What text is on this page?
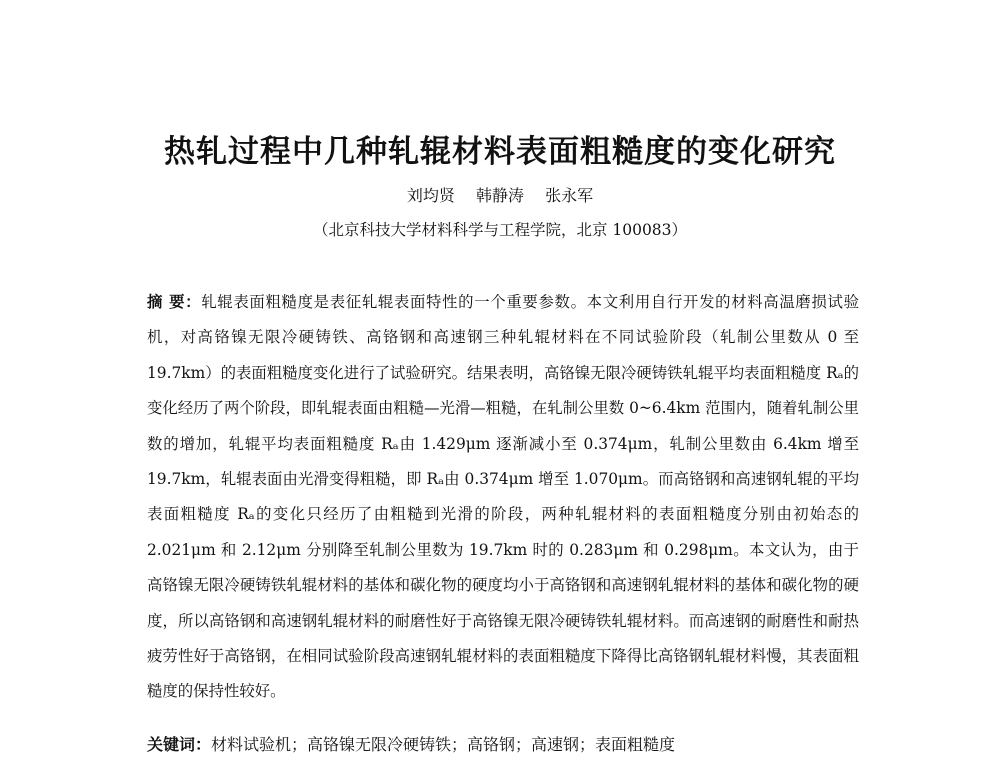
热轧过程中几种轧辊材料表面粗糙度的变化研究
刘均贤 韩静涛 张永军
（北京科技大学材料科学与工程学院，北京 100083）
摘 要：轧辊表面粗糙度是表征轧辊表面特性的一个重要参数。本文利用自行开发的材料高温磨损试验机，对高铬镍无限冷硬铸铁、高铬钢和高速钢三种轧辊材料在不同试验阶段（轧制公里数从 0 至 19.7km）的表面粗糙度变化进行了试验研究。结果表明，高铬镍无限冷硬铸铁轧辊平均表面粗糙度 Rₐ的变化经历了两个阶段，即轧辊表面由粗糙—光滑—粗糙，在轧制公里数 0~6.4km 范围内，随着轧制公里数的增加，轧辊平均表面粗糙度 Rₐ由 1.429μm 逐渐减小至 0.374μm，轧制公里数由 6.4km 增至 19.7km，轧辊表面由光滑变得粗糙，即 Rₐ由 0.374μm 增至 1.070μm。而高铬钢和高速钢轧辊的平均表面粗糙度 Rₐ的变化只经历了由粗糙到光滑的阶段，两种轧辊材料的表面粗糙度分别由初始态的 2.021μm 和 2.12μm 分别降至轧制公里数为 19.7km 时的 0.283μm 和 0.298μm。本文认为，由于高铬镍无限冷硬铸铁轧辊材料的基体和碳化物的硬度均小于高铬钢和高速钢轧辊材料的基体和碳化物的硬度，所以高铬钢和高速钢轧辊材料的耐磨性好于高铬镍无限冷硬铸铁轧辊材料。而高速钢的耐磨性和耐热疲劳性好于高铬钢，在相同试验阶段高速钢轧辊材料的表面粗糙度下降得比高铬钢轧辊材料慢，其表面粗糙度的保持性较好。
关键词：材料试验机；高铬镍无限冷硬铸铁；高铬钢；高速钢；表面粗糙度
